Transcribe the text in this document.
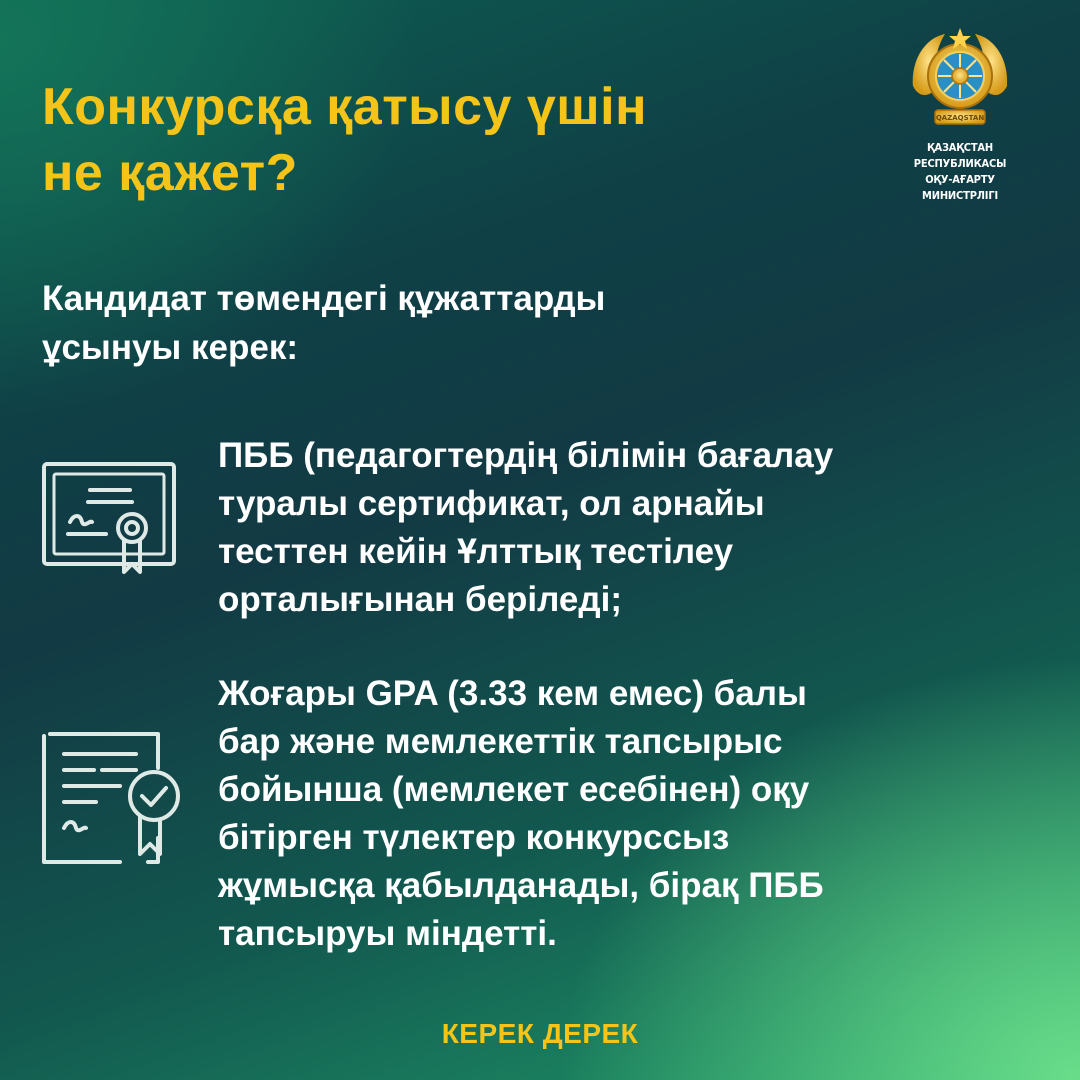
Конкурсқа қатысу үшін
не қажет?
QAZAQSTAN
ҚАЗАҚСТАН РЕСПУБЛИКАСЫ
ОҚУ-АҒАРТУ МИНИСТРЛІГІ

Кандидат төмендегі құжаттарды
ұсынуы керек:

ПББ (педагогтердің білімін бағалау
туралы сертификат, ол арнайы
тесттен кейін Ұлттық тестілеу
орталығынан беріледі;

Жоғары GPA (3.33 кем емес) балы
бар және мемлекеттік тапсырыс
бойынша (мемлекет есебінен) оқу
бітірген түлектер конкурссыз
жұмысқа қабылданады, бірақ ПББ
тапсыруы міндетті.

КЕРЕК ДЕРЕК
